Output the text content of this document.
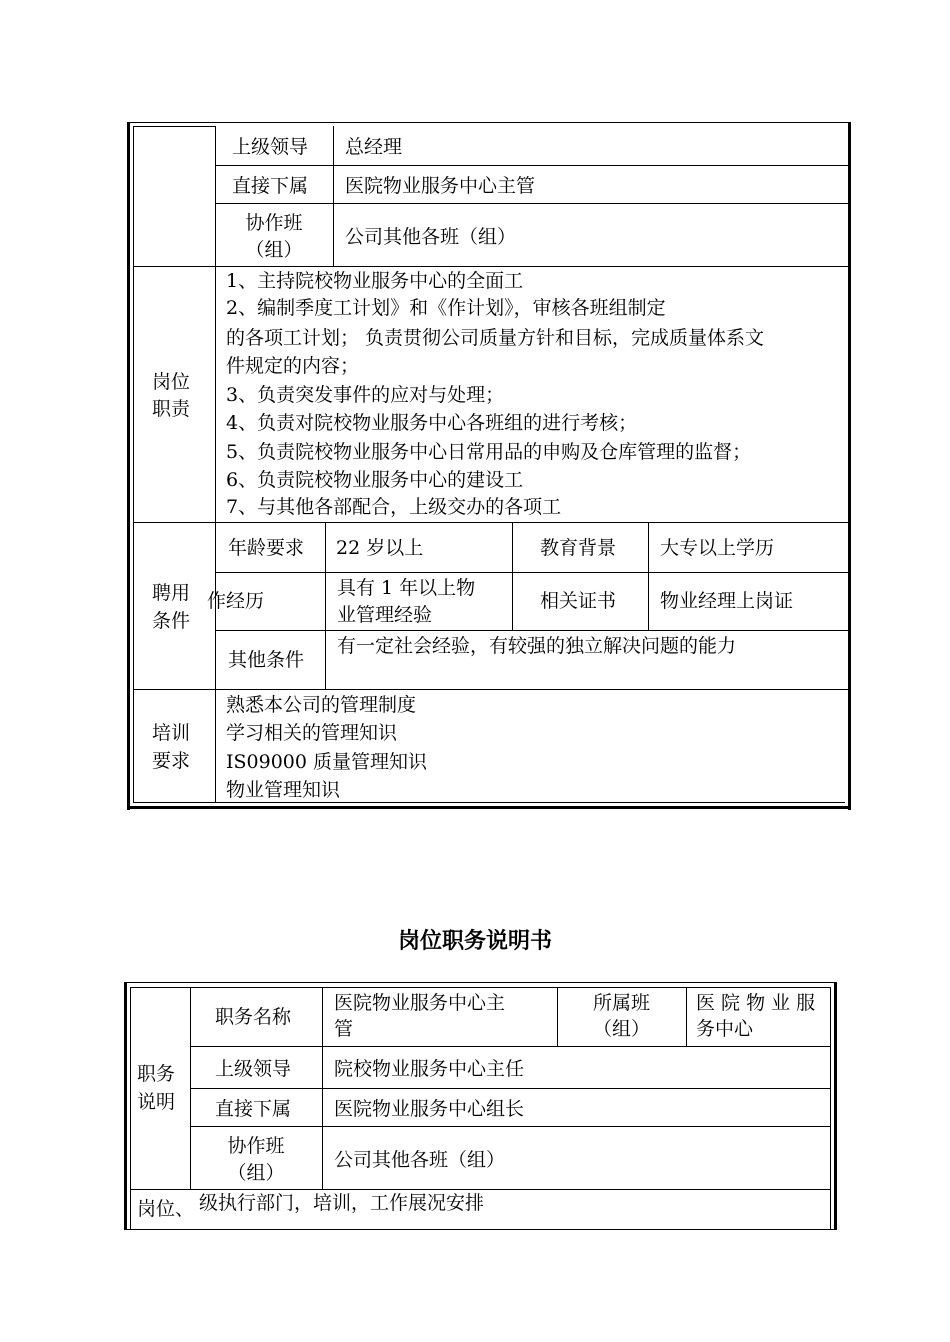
上级领导 总经理
直接下属 医院物业服务中心主管
协作班
（组）
公司其他各班（组）
岗位
职责
1、主持院校物业服务中心的全面工
2、编制季度工计划》和《作计划》，审核各班组制定
的各项工计划； 负责贯彻公司质量方针和目标，完成质量体系文
件规定的内容；
3、负责突发事件的应对与处理；
4、负责对院校物业服务中心各班组的进行考核；
5、负责院校物业服务中心日常用品的申购及仓库管理的监督；
6、负责院校物业服务中心的建设工
7、与其他各部配合，上级交办的各项工
聘用
条件
年龄要求 22 岁以上	教育背景 大专以上学历
作经历
具有 1 年以上物
业管理经验
相关证书 物业经理上岗证
其他条件
有一定社会经验，有较强的独立解决问题的能力
培训
要求
熟悉本公司的管理制度
学习相关的管理知识
IS09000 质量管理知识
物业管理知识
岗位职务说明书
职务
说明
职务名称
医院物业服务中心主
管
所属班
（组）
医 院 物 业 服
务中心
上级领导 院校物业服务中心主任
直接下属 医院物业服务中心组长
协作班
（组）
公司其他各班（组）
岗位、 级执行部门，培训，工作展况安排
